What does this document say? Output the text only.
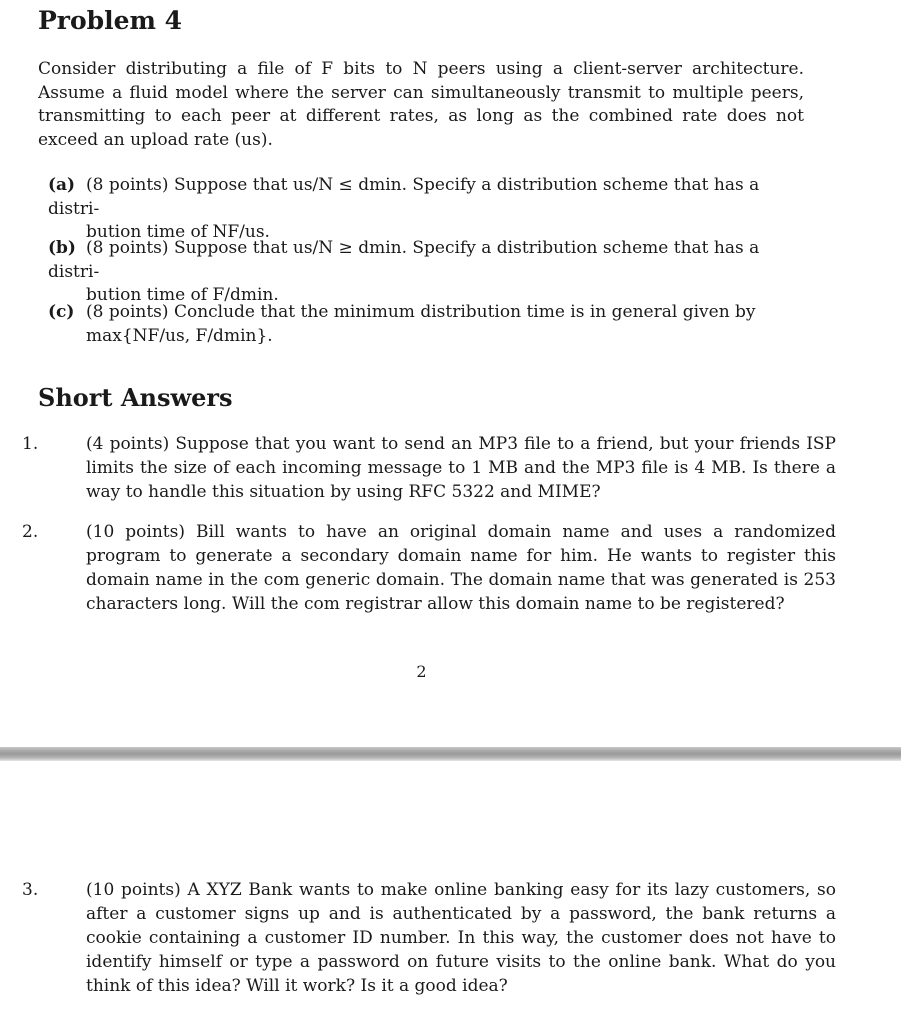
Problem 4
Consider distributing a file of F bits to N peers using a client-server architecture. Assume a fluid model where the server can simultaneously transmit to multiple peers, transmitting to each peer at different rates, as long as the combined rate does not exceed an upload rate (us).
(a) (8 points) Suppose that us/N ≤ dmin. Specify a distribution scheme that has a distri-
bution time of NF/us.
(b) (8 points) Suppose that us/N ≥ dmin. Specify a distribution scheme that has a distri-
bution time of F/dmin.
(c) (8 points) Conclude that the minimum distribution time is in general given by
max{NF/us, F/dmin}.
Short Answers
1.	(4 points) Suppose that you want to send an MP3 file to a friend, but your friends ISP limits the size of each incoming message to 1 MB and the MP3 file is 4 MB. Is there a way to handle this situation by using RFC 5322 and MIME?
2.	(10 points) Bill wants to have an original domain name and uses a randomized program to generate a secondary domain name for him. He wants to register this domain name in the com generic domain. The domain name that was generated is 253 characters long. Will the com registrar allow this domain name to be registered?
2
3.	(10 points) A XYZ Bank wants to make online banking easy for its lazy customers, so after a customer signs up and is authenticated by a password, the bank returns a cookie containing a customer ID number. In this way, the customer does not have to identify himself or type a password on future visits to the online bank. What do you think of this idea? Will it work? Is it a good idea?
